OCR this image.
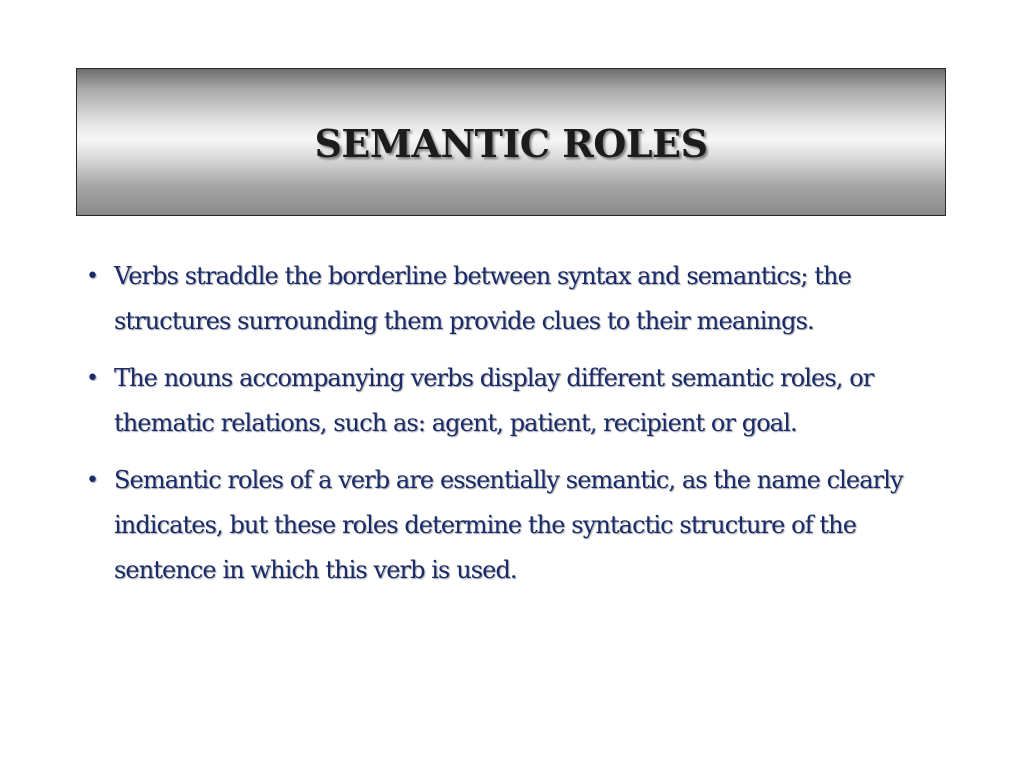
SEMANTIC ROLES
• Verbs straddle the borderline between syntax and semantics; the structures surrounding them provide clues to their meanings.
• The nouns accompanying verbs display different semantic roles, or thematic relations, such as: agent, patient, recipient or goal.
• Semantic roles of a verb are essentially semantic, as the name clearly indicates, but these roles determine the syntactic structure of the sentence in which this verb is used.
